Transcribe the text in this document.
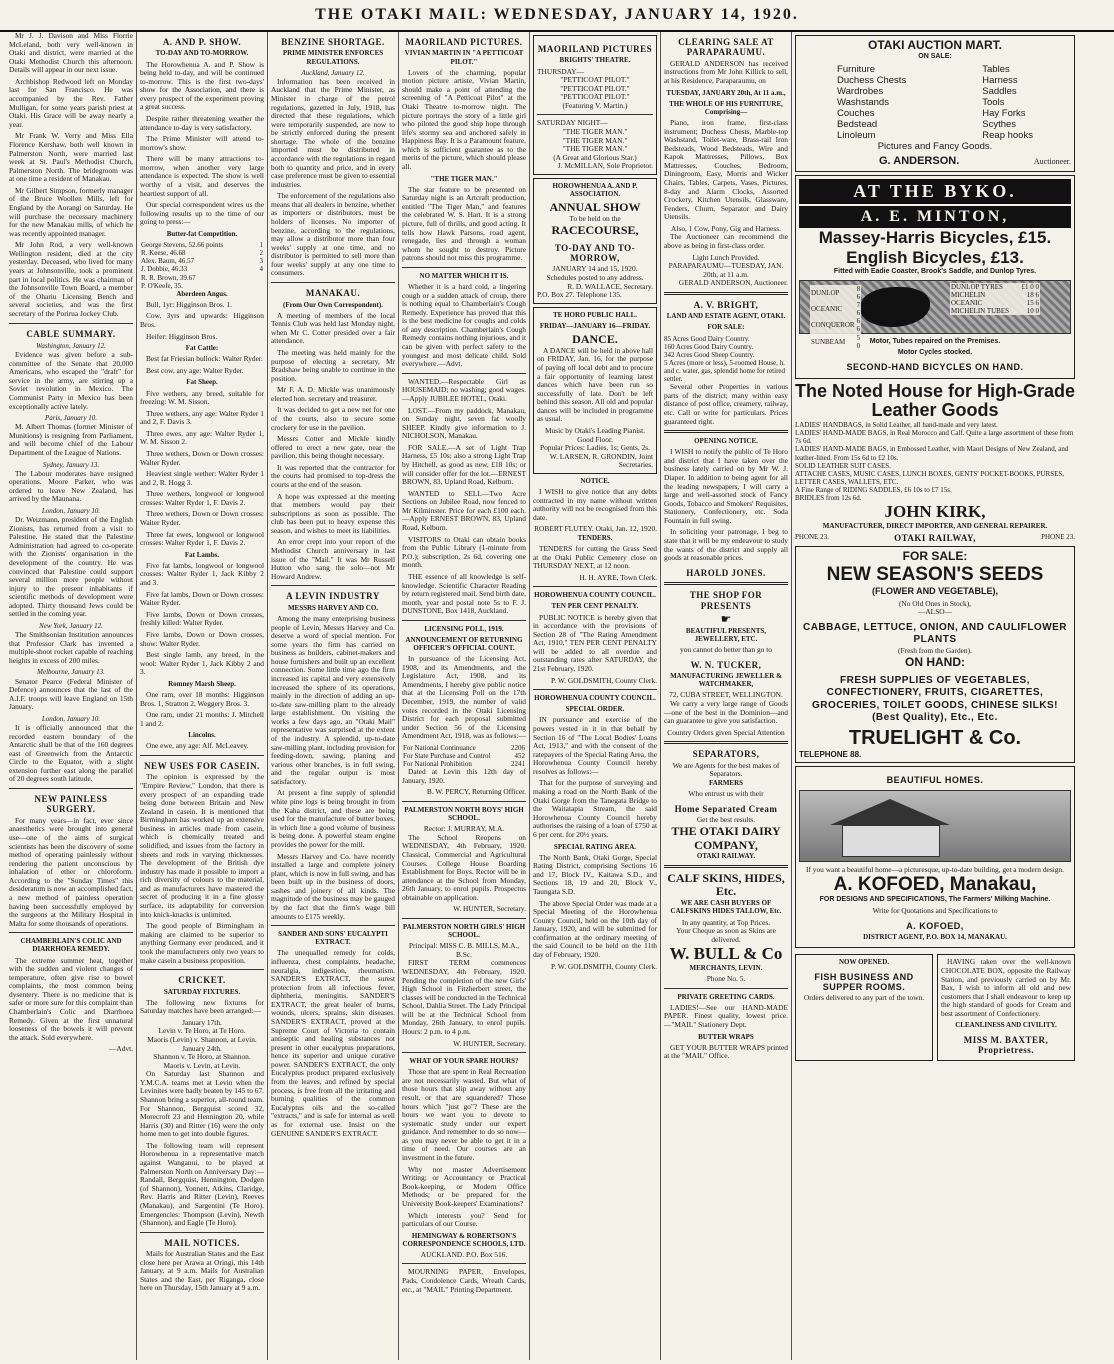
THE OTAKI MAIL: WEDNESDAY, JANUARY 14, 1920.

Mr J. J. Davison and Miss Florrie McLeland, both very well-known in Otaki and district, were married at the Otaki Methodist Church this afternoon. Details will appear in our next issue.

Archbishop Redwood left on Monday last for San Francisco. He was accompanied by the Rev. Father Mulligan, for some years parish priest at Otaki. His Grace will be away nearly a year.

Mr Frank W. Verry and Miss Ella Florence Kershaw, both well known in Palmerston North, were married last week at St. Paul's Methodist Church, Palmerston North. The bridegroom was at one time a resident of Manakau.

Mr Gilbert Simpson, formerly manager of the Bruce Woollen Mills, left for England by the Aorangi on Saturday. He will purchase the necessary machinery for the new Manakau mills, of which he was recently appointed manager.

Mr John Rod, a very well-known Wellington resident, died at the city yesterday. Deceased, who lived for many years at Johnsonville, took a prominent part in local politics. He was chairman of the Johnsonville Town Board, a member of the Ohariu Licensing Bench and several societies, and was the first secretary of the Porirua Jockey Club.

CABLE SUMMARY.
Washington, January 12.

Evidence was given before a sub-committee of the Senate that 20,000 Americans, who escaped the "draft" for service in the army, are stirring up a Soviet revolution in Mexico. The Communist Party in Mexico has been exceptionally active lately.

Paris, January 10.

M. Albert Thomas (former Minister of Munitions) is resigning from Parliament, and will become chief of the Labour Department of the League of Nations.

Sydney, January 13.

The Labour moderates have resigned operations. Moore Parker, who was ordered to leave New Zealand, has arrived by the Maunana.

London, January 10.

Dr. Weizmann, president of the English Zionists, has returned from a visit to Palestine. He stated that the Palestine Administration had agreed to co-operate with the Zionists' organisation in the development of the country. He was convinced that Palestine could support several million more people without injury to the present inhabitants if scientific methods of development were adopted. Thirty thousand Jews could be settled in the coming year.

New York, January 12.

The Smithsonian Institution announces that Professor Clark has invented a multiple-shoot rocket capable of reaching heights in excess of 200 miles.

Melbourne, January 13.

Senator Pearce (Federal Minister of Defence) announces that the last of the A.I.F. troops will leave England on 15th January.

London, January 10.

It is officially announced that the recorded eastern boundary of the Antarctic shall be that of the 160 degrees east of Greenwich from the Antarctic Circle to the Equator, with a slight extension further east along the parallel of 20 degrees south latitude.

NEW PAINLESS SURGERY.

For many years—in fact, ever since anaesthetics were brought into general use—one of the aims of surgical scientists has been the discovery of some method of operating painlessly without rendering the patient unconscious by inhalation of ether or chloroform. According to the "Sunday Times" this desideratum is now an accomplished fact, a new method of painless operation having been successfully employed by the surgeons at the Military Hospital in Malta for some thousands of operations.

CHAMBERLAIN'S COLIC AND DIARRHOEA REMEDY.

The extreme summer heat, together with the sudden and violent changes of temperature, often give rise to bowel complaints, the most common being dysentery. There is no medicine that is safer or more sure for this complaint than Chamberlain's Colic and Diarrhoea Remedy. Given at the first unnatural looseness of the bowels it will prevent the attack. Sold everywhere.

—Advt.
A. AND P. SHOW.
TO-DAY AND TO-MORROW.

The Horowhenua A. and P. Show is being held to-day, and will be continued to-morrow. This is the first two-days' show for the Association, and there is every prospect of the experiment proving a great success.

Despite rather threatening weather the attendance to-day is very satisfactory.

The Prime Minister will attend to-morrow's show.

There will be many attractions to-morrow, when another very large attendance is expected. The show is well worthy of a visit, and deserves the heartiest support of all.

Our special correspondent wires us the following results up to the time of our going to press:—

Butter-fat Competition.
George Stevens, 52.66 points	1
R. Keese, 46.68	2
Alex. Baum, 46.57	3
J. Dobbie, 46.33	4
R. R. Brown, 39.67	
P. O'Keefe, 35.	
Aberdeen Angus.

Bull, 1yr: Higginson Bros. 1.

Cow, 3yrs and upwards: Higginson Bros.

Heifer: Higginson Bros.

Fat Cattle:

Best fat Friesian bullock: Walter Ryder.

Best cow, any age: Walter Ryder.

Fat Sheep.

Five wethers, any breed, suitable for freezing: W. M. Sisson.

Three wethers, any age: Walter Ryder 1 and 2, F. Davis 3.

Three ewes, any age: Walter Ryder 1, W. M. Sisson 2.

Three wethers, Down or Down crosses: Walter Ryder.

Heaviest single wether: Walter Ryder 1 and 2, R. Hogg 3.

Three wethers, longwool or longwool crosses: Walter Ryder 1, F. Davis 2.

Three wethers, Down or Down crosses: Walter Ryder.

Three fat ewes, longwool or longwool crosses: Walter Ryder 1, F. Davis 2.

Fat Lambs.

Five fat lambs, longwool or longwool crosses: Walter Ryder 1, Jack Kibby 2 and 3.

Five fat lambs, Down or Down crosses: Walter Ryder.

Five lambs, Down or Down crosses, freshly killed: Walter Ryder.

Five lambs, Down or Down crosses, show: Walter Ryder.

Best single lamb, any breed, in the wool: Walter Ryder 1, Jack Kibby 2 and 3.

Romney Marsh Sheep.

One ram, over 18 months: Higginson Bros. 1, Stratton 2, Weggery Bros. 3.

One ram, under 21 months: J. Mitchell 1 and 2.

Lincolns.

One ewe, any age: Alf. McLeavey.

NEW USES FOR CASEIN.

The opinion is expressed by the "Empire Review," London, that there is every prospect of an expanding trade being done between Britain and New Zealand in casein. It is mentioned that Birmingham has worked up an extensive business in articles made from casein, which is chemically treated and solidified, and issues from the factory in sheets and rods in varying thicknesses. The development of the British dye industry has made it possible to import a rich diversity of colours to the material, and as manufacturers have mastered the secret of producing it in a fine glossy surface, its adaptability for conversion into knick-knacks is unlimited.

The good people of Birmingham in making are claimed to be superior to anything Germany ever produced, and it took the manufacturers only two years to make casein a business proposition.

CRICKET.
SATURDAY FIXTURES.

The following new fixtures for Saturday matches have been arranged:—

January 17th.
Levin v. Te Horo, at Te Horo.
Maoris (Levin) v. Shannon, at Levin.
January 24th.
Shannon v. Te Horo, at Shannon.
Maoris v. Levin, at Levin.

On Saturday last Shannon and Y.M.C.A. teams met at Levin when the Levinites were badly beaten by 145 to 67. Shannon bring a superior, all-round team. For Shannon, Bergquist scored 32, Morecroft 23 and Hennington 20, while Harris (30) and Ritter (16) were the only home men to get into double figures.

The following team will represent Horowhenua in a representative match against Wanganui, to be played at Palmerston North on Anniversary Day:—Randall, Bergquist, Hennington, Dodgen (of Shannon), Yonnett, Atkins, Claridge, Rev. Harris and Ritter (Levin), Reeves (Manakau), and Sargentini (Te Horo). Emergencies: Thompson (Levin), Newth (Shannon), and Eagle (Te Horo).

MAIL NOTICES.

Mails for Australian States and the East close here per Arawa at Oringi, this 14th January, at 9 a.m. Mails for Australian States and the East, per Riganga, close here on Thursday, 15th January at 9 a.m.

BENZINE SHORTAGE.
PRIME MINISTER ENFORCES REGULATIONS.
Auckland, January 12.

Information has been received in Auckland that the Prime Minister, as Minister in charge of the petrol regulations, gazetted in July, 1918, has directed that these regulations, which were temporarily suspended, are now to be strictly enforced during the present shortage. The whole of the benzine imported must be distributed in accordance with the regulations in regard both to quantity and price, and in every case preference must be given to essential industries.

The enforcement of the regulations also means that all dealers in benzine, whether as importers or distributors, must be holders of licenses. No importer of benzine, according to the regulations, may allow a distributor more than four weeks' supply at one time, and no distributor is permitted to sell more than four weeks' supply at any one time to consumers.

MANAKAU.
(From Our Own Correspondent).

A meeting of members of the local Tennis Club was held last Monday night, when Mr C. Cotter presided over a fair attendance.

The meeting was held mainly for the purpose of electing a secretary, Mr Bradshaw being unable to continue in the position.

Mr F. A. D. Mickle was unanimously elected hon. secretary and treasurer.

It was decided to get a new net for one of the courts, also to secure some crockery for use in the pavilion.

Messrs Cotter and Mickle kindly offered to erect a new gate, near the pavilion, this being thought necessary.

It was reported that the contractor for the courts had promised to top-dress the courts at the end of the season.

A hope was expressed at the meeting that members would pay their subscriptions as soon as possible. The club has been put to heavy expense this season, and wishes to meet its liabilities.

An error crept into your report of the Methodist Church anniversary in last issue of the "Mail." It was Mr Russell Hutton who sang the solo—not Mr Howard Andrew.

A LEVIN INDUSTRY
MESSRS HARVEY AND CO.

Among the many enterprising business people of Levin, Messrs Harvey and Co. deserve a word of special mention. For some years the firm has carried on business as builders, cabinet-makers and house furnishers and built up an excellent connection. Some little time ago the firm increased its capital and very extensively increased the sphere of its operations, mainly in the direction of adding an up-to-date saw-milling plant to the already large establishment. On visiting the works a few days ago, an "Otaki Mail" representative was surprised at the extent of the industry. A splendid, up-to-date saw-milling plant, including provision for feeding-down, sawing, planing and various other branches, is in full swing, and the regular output is most satisfactory.

At present a fine supply of splendid white pine logs is being brought in from the Kaha district, and these are being used for the manufacture of butter boxes, in which line a good volume of business is being done. A powerful steam engine provides the power for the mill.

Messrs Harvey and Co. have recently installed a large and complete joinery plant, which is now in full swing, and has been built up in the business of doors, sashes and joinery of all kinds. The magnitude of the business may be gauged by the fact that the firm's wage bill amounts to £175 weekly.

SANDER AND SONS' EUCALYPTI EXTRACT.

The unequalled remedy for colds, influenza, chest complaints, headache, neuralgia, indigestion, rheumatism. SANDER'S EXTRACT, the surest protection from all infectious fever, diphtheria, meningitis. SANDER'S EXTRACT, the great healer of burns, wounds, ulcers, sprains, skin diseases. SANDER'S EXTRACT, proved at the Supreme Court of Victoria to contain antiseptic and healing substances not present in other eucalyptus preparations, hence its superior and unique curative power. SANDER'S EXTRACT, the only Eucalyptus product prepared exclusively from the leaves, and refined by special process, is free from all the irritating and burning qualities of the common Eucalyptus oils and the so-called "extracts," and is safe for internal as well as for external use. Insist on the GENUINE SANDER'S EXTRACT.

MAORILAND PICTURES.
VIVIAN MARTIN IN "A PETTICOAT PILOT."

Lovers of the charming, popular motion picture artiste, Vivian Martin, should make a point of attending the screening of "A Petticoat Pilot" at the Otaki Theatre to-morrow night. The picture portrays the story of a little girl who piloted the good ship hope through life's stormy sea and anchored safely in Happiness Bay. It is a Paramount feature, which is sufficient guarantee as to the merits of the picture, which should please all.

"THE TIGER MAN."

The star feature to be presented on Saturday night is an Artcraft production, entitled "The Tiger Man," and features the celebrated W. S. Hart. It is a strong picture, full of thrills, and good acting. It tells how Hawk Parsons, road agent, renegade, lies and through a woman whom he sought to destroy. Picture patrons should not miss this programme.

NO MATTER WHICH IT IS.

Whether it is a hard cold, a lingering cough or a sudden attack of croup, there is nothing equal to Chamberlain's Cough Remedy. Experience has proved that this is the best medicine for coughs and colds of any description. Chamberlain's Cough Remedy contains nothing injurious, and it can be given with perfect safety to the youngest and most delicate child. Sold everywhere.—Advt.

WANTED.—Respectable Girl as HOUSEMAID; no washing; good wages.—Apply JUBILEE HOTEL, Otaki.

LOST.—From my paddock, Manakau, on Sunday night, seven fat woolly SHEEP. Kindly give information to J. NICHOLSON, Manakau.

FOR SALE.—A set of Light Trap Harness, £5 10s; also a strong Light Trap by Hitchell, as good as new, £18 10s; or will consider offer for the lot.—ERNEST BROWN, 83, Upland Road, Kelburn.

WANTED to SELL—Two Acre Sections on Jubilee Road, now fenced to Mr Kilminster. Price for each £100 each.—Apply ERNEST BROWN, 83, Upland Road, Kelburn.

VISITORS to Otaki can obtain books from the Public Library (1-minute from P.O.); subscription, 2s 6d, covering one month.

THE essence of all knowledge is self-knowledge. Scientific Character Reading by return registered mail. Send birth date, month, year and postal note 5s to F. J. DUNSTONE, Box 1418, Auckland.

LICENSING POLL, 1919.
ANNOUNCEMENT OF RETURNING OFFICER'S OFFICIAL COUNT.

In pursuance of the Licensing Act, 1908, and its Amendments, and the Legislature Act, 1908, and its Amendments, I hereby give public notice that at the Licensing Poll on the 17th December, 1919, the number of valid votes recorded in the Otaki Licensing District for each proposal submitted under Section 56 of the Licensing Amendment Act, 1918, was as follows:—

For National Continuance	2206
For State Purchase and Control	452
For National Prohibition	2241

Dated at Levin this 12th day of January, 1920.

B. W. PERCY, Returning Officer.
PALMERSTON NORTH BOYS' HIGH SCHOOL.
Rector: J. MURRAY, M.A.

The School Reopens on WEDNESDAY, 4th February, 1920. Classical, Commercial and Agricultural Courses. College House Boarding Establishment for Boys. Rector will be in attendance at the School from Monday, 26th January, to enrol pupils. Prospectus obtainable on application.

W. HUNTER, Secretary.
PALMERSTON NORTH GIRLS' HIGH SCHOOL.
Principal: MISS C. B. MILLS, M.A., B.Sc.

FIRST TERM commences WEDNESDAY, 4th February, 1920. Pending the completion of the new Girls' High School in Fitzherbert street, the classes will be conducted in the Technical School, Dahlia Street. The Lady Principal will be at the Technical School from Monday, 26th January, to enrol pupils. Hours: 2 p.m. to 4 p.m.

W. HUNTER, Secretary.
WHAT OF YOUR SPARE HOURS?

Those that are spent in Real Recreation are not necessarily wasted. But what of those hours that slip away without any result, or that are squandered? Those hours which "just go"? These are the hours we want you to devote to systematic study under our expert guidance. And remember to do so now—as you may never be able to get it in a time of need. Our courses are an investment in the future.

Why not master Advertisement Writing; or Accountancy or Practical Book-keeping, or Modern Office Methods; or be prepared for the University Book-keepers' Examinations?

Which interests you? Send for particulars of our Course.

HEMINGWAY & ROBERTSON'S CORRESPONDENCE SCHOOLS, LTD.
AUCKLAND. P.O. Box 516.

MOURNING PAPER, Envelopes, Pads, Condolence Cards, Wreath Cards, etc., at "MAIL" Printing Department.

MAORILAND PICTURES
BRIGHTS' THEATRE.
THURSDAY—
"PETTICOAT PILOT."
"PETTICOAT PILOT."
"PETTICOAT PILOT."
(Featuring V. Martin.)
SATURDAY NIGHT—
"THE TIGER MAN."
"THE TIGER MAN."
"THE TIGER MAN."
(A Great and Glorious Star.)
J. McMILLAN, Sole Proprietor.
HOROWHENUA A. AND P. ASSOCIATION.
ANNUAL SHOW
To be held on the
RACECOURSE,
TO-DAY AND TO-MORROW,
JANUARY 14 and 15, 1920.
Schedules posted to any address.
R. D. WALLACE, Secretary.
P.O. Box 27. Telephone 135.
TE HORO PUBLIC HALL.
FRIDAY—JANUARY 16—FRIDAY.
DANCE.

A DANCE will be held in above hall on FRIDAY, Jan. 16, for the purpose of paying off local debt and to procure a fair opportunity of learning latest dances which have been run so successfully of late. Don't be left behind this season. All old and popular dances will be included in programme as usual.

Music by Otaki's Leading Pianist. Good Floor.
Popular Prices: Ladies, 1s; Gents, 2s.
W. LARSEN, R. GRONDIN, Joint Secretaries.
NOTICE.

I WISH to give notice that any debts contracted in my name without written authority will not be recognised from this date.

ROBERT FLUTEY. Otaki, Jan. 12, 1920.
TENDERS.

TENDERS for cutting the Grass Seed at the Otaki Public Cemetery close on THURSDAY NEXT, at 12 noon.

H. H. AYRE, Town Clerk.
HOROWHENUA COUNTY COUNCIL.
TEN PER CENT PENALTY.

PUBLIC NOTICE is hereby given that in accordance with the provisions of Section 28 of "The Rating Amendment Act, 1910," TEN PER CENT PENALTY will be added to all overdue and outstanding rates after SATURDAY, the 21st February, 1920.

P. W. GOLDSMITH, County Clerk.
HOROWHENUA COUNTY COUNCIL.
SPECIAL ORDER.

IN pursuance and exercise of the powers vested in it in that behalf by Section 16 of "The Local Bodies' Loans Act, 1913," and with the consent of the ratepayers of the Special Rating Area, the Horowhenua County Council hereby resolves as follows:—

That for the purpose of surveying and making a road on the North Bank of the Otaki Gorge from the Tanegata Bridge to the Waitatapia Stream, the said Horowhenua County Council hereby authorises the raising of a loan of £750 at 6 per cent. for 20½ years.

SPECIAL RATING AREA.

The North Bank, Otaki Gorge, Special Rating District, comprising Sections 16 and 17, Block IV., Kaitawa S.D., and Sections 18, 19 and 20, Block V., Taungata S.D.

The above Special Order was made at a Special Meeting of the Horowhenua County Council, held on the 10th day of January, 1920, and will be submitted for confirmation at the ordinary meeting of the said Council to be held on the 11th day of February, 1920.

P. W. GOLDSMITH, County Clerk.
CLEARING SALE AT PARAPARAUMU.

GERALD ANDERSON has received instructions from Mr John Killick to sell, at his Residence, Paraparaumu, on

TUESDAY, JANUARY 20th, At 11 a.m.,
THE WHOLE OF HIS FURNITURE, Comprising—

Piano, iron frame, first-class instrument; Duchess Chests, Marble-top Washstand, Toilet-ware, Brass-rail Iron Bedsteads, Wood Bedsteads, Wire and Kapok Mattresses, Pillows, Box Mattresses, Couches, Bedroom, Diningroom, Easy, Morris and Wicker Chairs, Tables, Carpets, Vases, Pictures, 8-day and Alarm Clocks, Assorted Crockery, Kitchen Utensils, Glassware, Fenders, Churn, Separator and Dairy Utensils.

Also, 1 Cow, Pony, Gig and Harness.

The Auctioneer can recommend the above as being in first-class order.

Light Lunch Provided.
PARAPARAUMU—TUESDAY, JAN. 20th, at 11 a.m.
GERALD ANDERSON, Auctioneer.
A. V. BRIGHT,
LAND AND ESTATE AGENT, OTAKI.
FOR SALE:
85 Acres Good Dairy Country.
160 Acres Good Dairy Country.
342 Acres Good Sheep Country.
5 Acres (more or less), 5-roomed House, h. and c. water, gas, splendid home for retired settler.

Several other Properties in various parts of the district; many within easy distance of post office, creamery, railway, etc. Call or write for particulars. Prices guaranteed right.

OPENING NOTICE.

I WISH to notify the public of Te Horo and district that I have taken over the business lately carried on by Mr W. J. Diaper. In addition to being agent for all the leading newspapers, I will carry a large and well-assorted stock of Fancy Goods, Tobacco and Smokers' Requisites, Stationery, Confectionery, etc. Soda Fountain in full swing.

In soliciting your patronage, I beg to state that it will be my endeavour to study the wants of the district and supply all goods at reasonable prices.

HAROLD JONES.
THE SHOP FOR PRESENTS
☛
BEAUTIFUL PRESENTS, JEWELLERY, ETC.
you cannot do better than go to
W. N. TUCKER,
MANUFACTURING JEWELLER & WATCHMAKER,
72, CUBA STREET, WELLINGTON.

We carry a very large range of Goods—one of the best in the Dominion—and can guarantee to give you satisfaction.

Country Orders given Special Attention
SEPARATORS,
We are Agents for the best makes of Separators.
FARMERS
Who entrust us with their
Home Separated Cream
Get the best results.
THE OTAKI DAIRY COMPANY,
OTAKI RAILWAY.
CALF SKINS, HIDES, Etc.
WE ARE CASH BUYERS OF CALFSKINS HIDES TALLOW, Etc.
In any quantity, at Top Prices.
Your Cheque as soon as Skins are delivered.
W. BULL & Co
MERCHANTS, LEVIN.
Phone No. 5.
PRIVATE GREETING CARDS.

LADIES!—See our HAND-MADE PAPER. Finest quality, lowest price.—"MAIL" Stationery Dept.

BUTTER WRAPS

GET YOUR BUTTER WRAPS printed at the "MAIL" Office.

OTAKI AUCTION MART.
ON SALE:
Furniture
Duchess Chests
Wardrobes
Washstands
Couches
Bedstead
Linoleum
Tables
Harness
Saddles
Tools
Hay Forks
Scythes
Reap hooks
Pictures and Fancy Goods.
G. ANDERSON.	Auctioneer.
AT THE BYKO.
A. E. MINTON,
Massey-Harris Bicycles, £15.
English Bicycles, £13.
Fitted with Eadie Coaster, Brook's Saddle, and Dunlop Tyres.
DUNLOP TYRES	£1 0 0
MICHELIN	18 6
OCEANIC	15 6
MICHELIN TUBES	10 0
DUNLOP	8 6
OCEANIC	7 6
CONQUEROR	6 6
SUNBEAM	5 0
Motor, Tubes repaired on the Premises.
Motor Cycles stocked.
SECOND-HAND BICYCLES ON HAND.
The Noted House for High-Grade Leather Goods
LADIES' HANDBAGS, in Solid Leather, all hand-made and very latest.
LADIES' HAND-MADE BAGS, in Real Morocco and Calf. Quite a large assortment of these from 7s 6d.
LADIES' HAND-MADE BAGS, in Embossed Leather, with Maori Designs of New Zealand, and leather-lined. From 15s 6d to £2 10s.
SOLID LEATHER SUIT CASES.
ATTACHE CASES, MUSIC CASES, LUNCH BOXES, GENTS' POCKET-BOOKS, PURSES, LETTER CASES, WALLETS, ETC.
A Fine Range of RIDING SADDLES, £6 10s to £7 15s.
BRIDLES from 12s 6d.
JOHN KIRK,
MANUFACTURER, DIRECT IMPORTER, AND GENERAL REPAIRER.
PHONE 23.	OTAKI RAILWAY,	PHONE 23.
FOR SALE:
NEW SEASON'S SEEDS
(FLOWER AND VEGETABLE),
(No Old Ones in Stock),
—ALSO—
CABBAGE, LETTUCE, ONION, AND CAULIFLOWER PLANTS
(Fresh from the Garden).
ON HAND:
FRESH SUPPLIES OF VEGETABLES, CONFECTIONERY, FRUITS, CIGARETTES, GROCERIES, TOILET GOODS, CHINESE SILKS! (Best Quality), Etc., Etc.
TRUELIGHT & Co.
TELEPHONE 88.
BEAUTIFUL HOMES.
If you want a beautiful home—a picturesque, up-to-date building, get a modern design.
A. KOFOED, Manakau,
FOR DESIGNS AND SPECIFICATIONS, The Farmers' Milking Machine.
Write for Quotations and Specifications to
A. KOFOED,
DISTRICT AGENT, P.O. BOX 14, MANAKAU.
NOW OPENED.
FISH BUSINESS AND SUPPER ROOMS.
Orders delivered to any part of the town.

HAVING taken over the well-known CHOCOLATE BOX, opposite the Railway Station, and previously carried on by Mr. Bax, I wish to inform all old and new customers that I shall endeavour to keep up the high standard of goods for Cream and best assortment of Confectionery.

CLEANLINESS AND CIVILITY.
MISS M. BAXTER, Proprietress.
